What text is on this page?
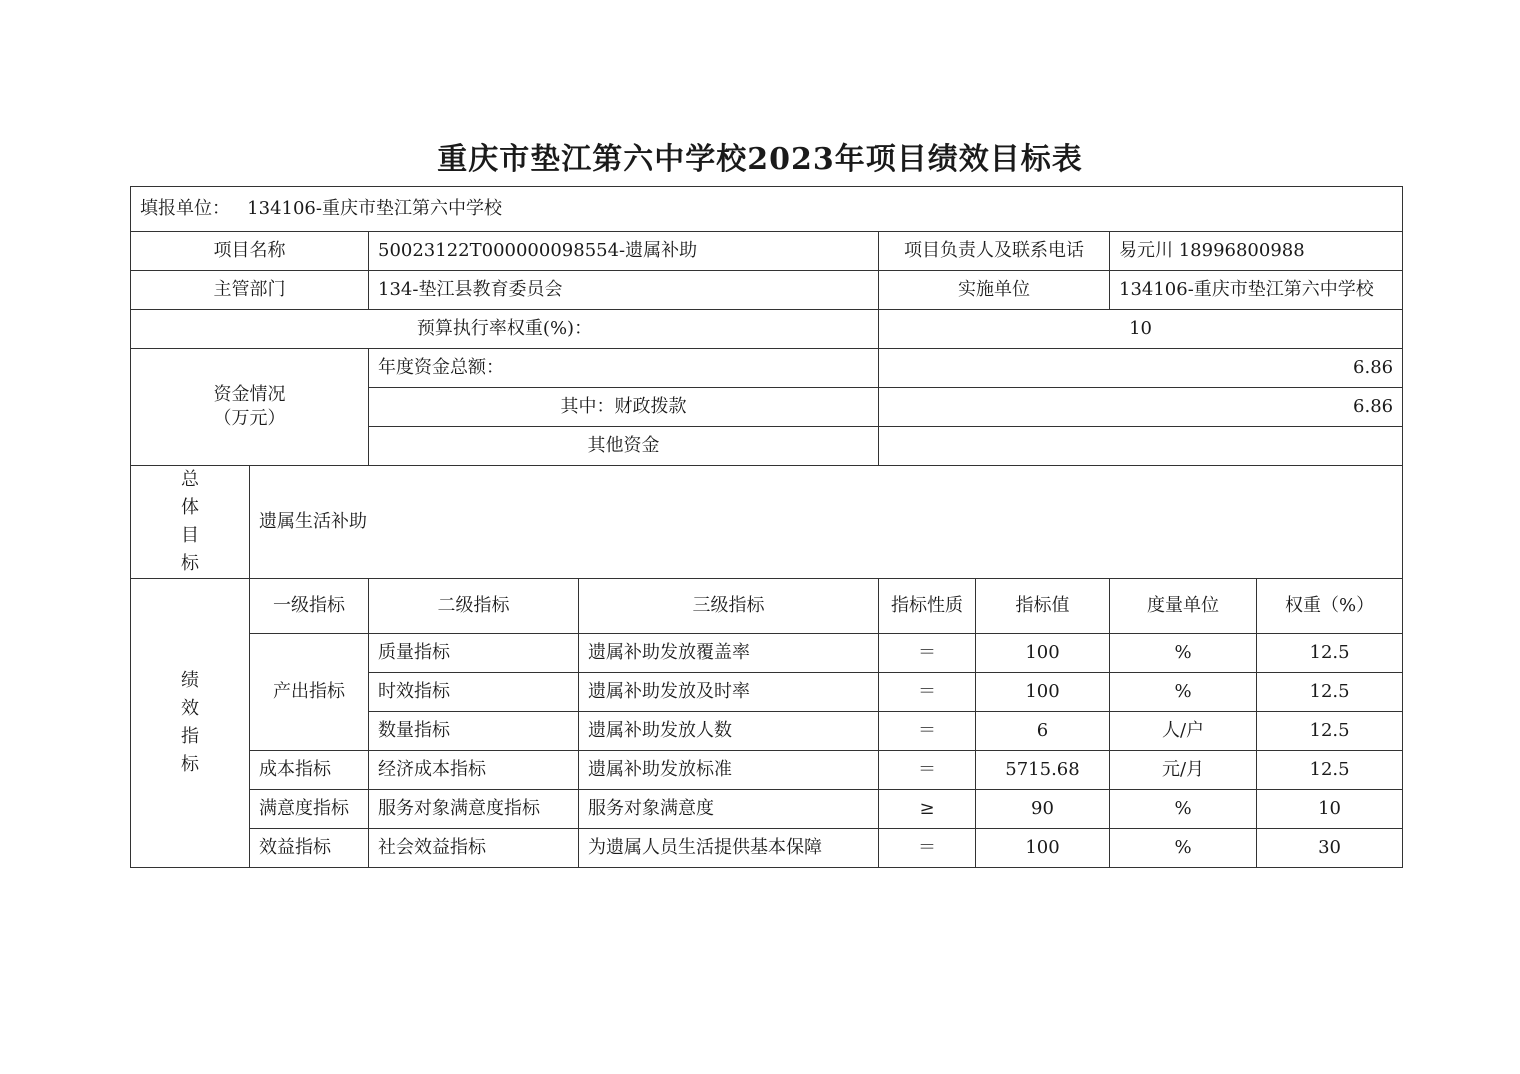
重庆市垫江第六中学校2023年项目绩效目标表
填报单位： 134106-重庆市垫江第六中学校							
项目名称		50023122T000000098554-遗属补助		项目负责人及联系电话		易元川 18996800988	
主管部门		134-垫江县教育委员会		实施单位		134106-重庆市垫江第六中学校	
预算执行率权重(%)：				10			

资金情况
（万元）		年度资金总额：		6.86			
		其中：财政拨款		6.86			
		其他资金					
总体目标	遗属生活补助						
绩效指标	一级指标	二级指标	三级指标	指标性质	指标值	度量单位	权重（%）
	产出指标	质量指标	遗属补助发放覆盖率	＝	100	%	12.5
		时效指标	遗属补助发放及时率	＝	100	%	12.5
		数量指标	遗属补助发放人数	＝	6	人/户	12.5
	成本指标	经济成本指标	遗属补助发放标准	＝	5715.68	元/月	12.5
	满意度指标	服务对象满意度指标	服务对象满意度	≥	90	%	10
	效益指标	社会效益指标	为遗属人员生活提供基本保障	＝	100	%	30
